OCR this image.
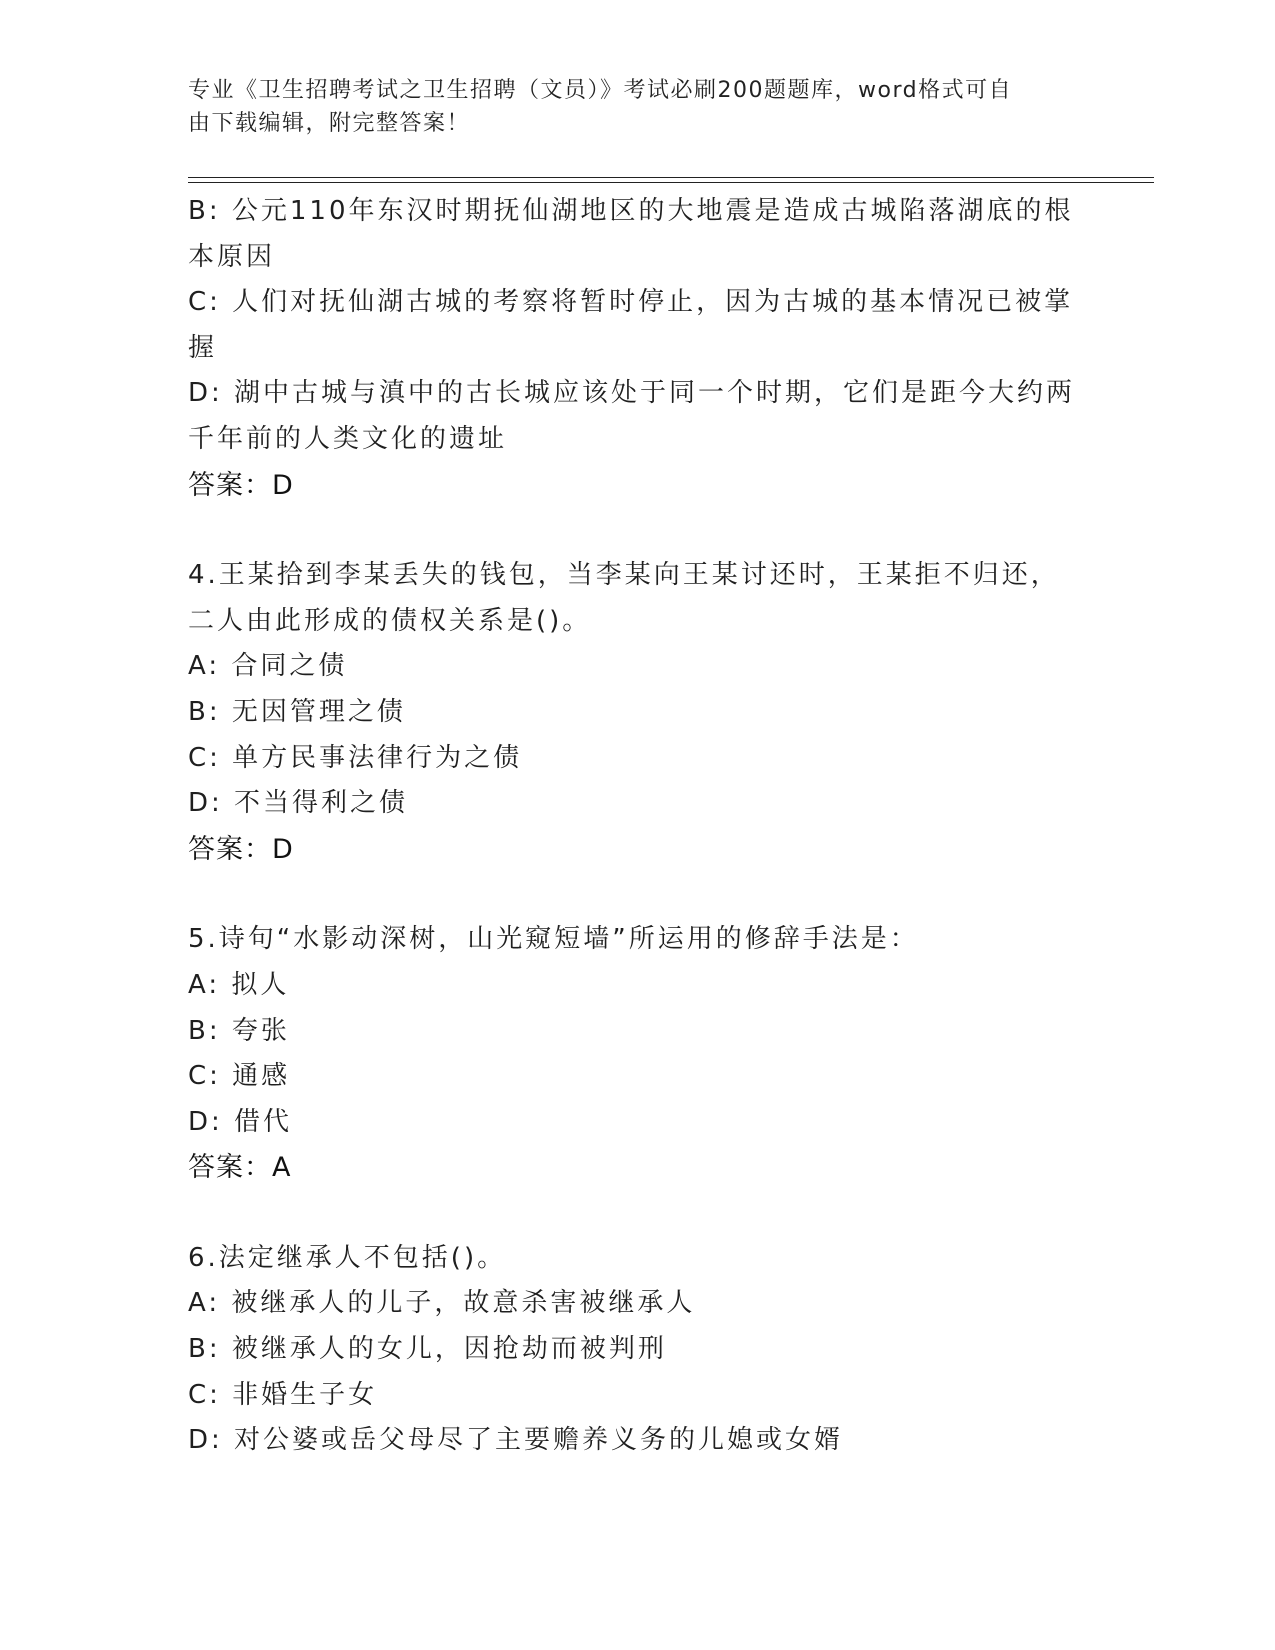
专业《卫生招聘考试之卫生招聘（文员）》考试必刷200题题库，word格式可自
由下载编辑，附完整答案！
B: 公元110年东汉时期抚仙湖地区的大地震是造成古城陷落湖底的根
本原因
C: 人们对抚仙湖古城的考察将暂时停止，因为古城的基本情况已被掌
握
D: 湖中古城与滇中的古长城应该处于同一个时期，它们是距今大约两
千年前的人类文化的遗址
答案：D
4.王某拾到李某丢失的钱包，当李某向王某讨还时，王某拒不归还，
二人由此形成的债权关系是()。
A: 合同之债
B: 无因管理之债
C: 单方民事法律行为之债
D: 不当得利之债
答案：D
5.诗句“水影动深树，山光窥短墙”所运用的修辞手法是：
A: 拟人
B: 夸张
C: 通感
D: 借代
答案：A
6.法定继承人不包括()。
A: 被继承人的儿子，故意杀害被继承人
B: 被继承人的女儿，因抢劫而被判刑
C: 非婚生子女
D: 对公婆或岳父母尽了主要赡养义务的儿媳或女婿
